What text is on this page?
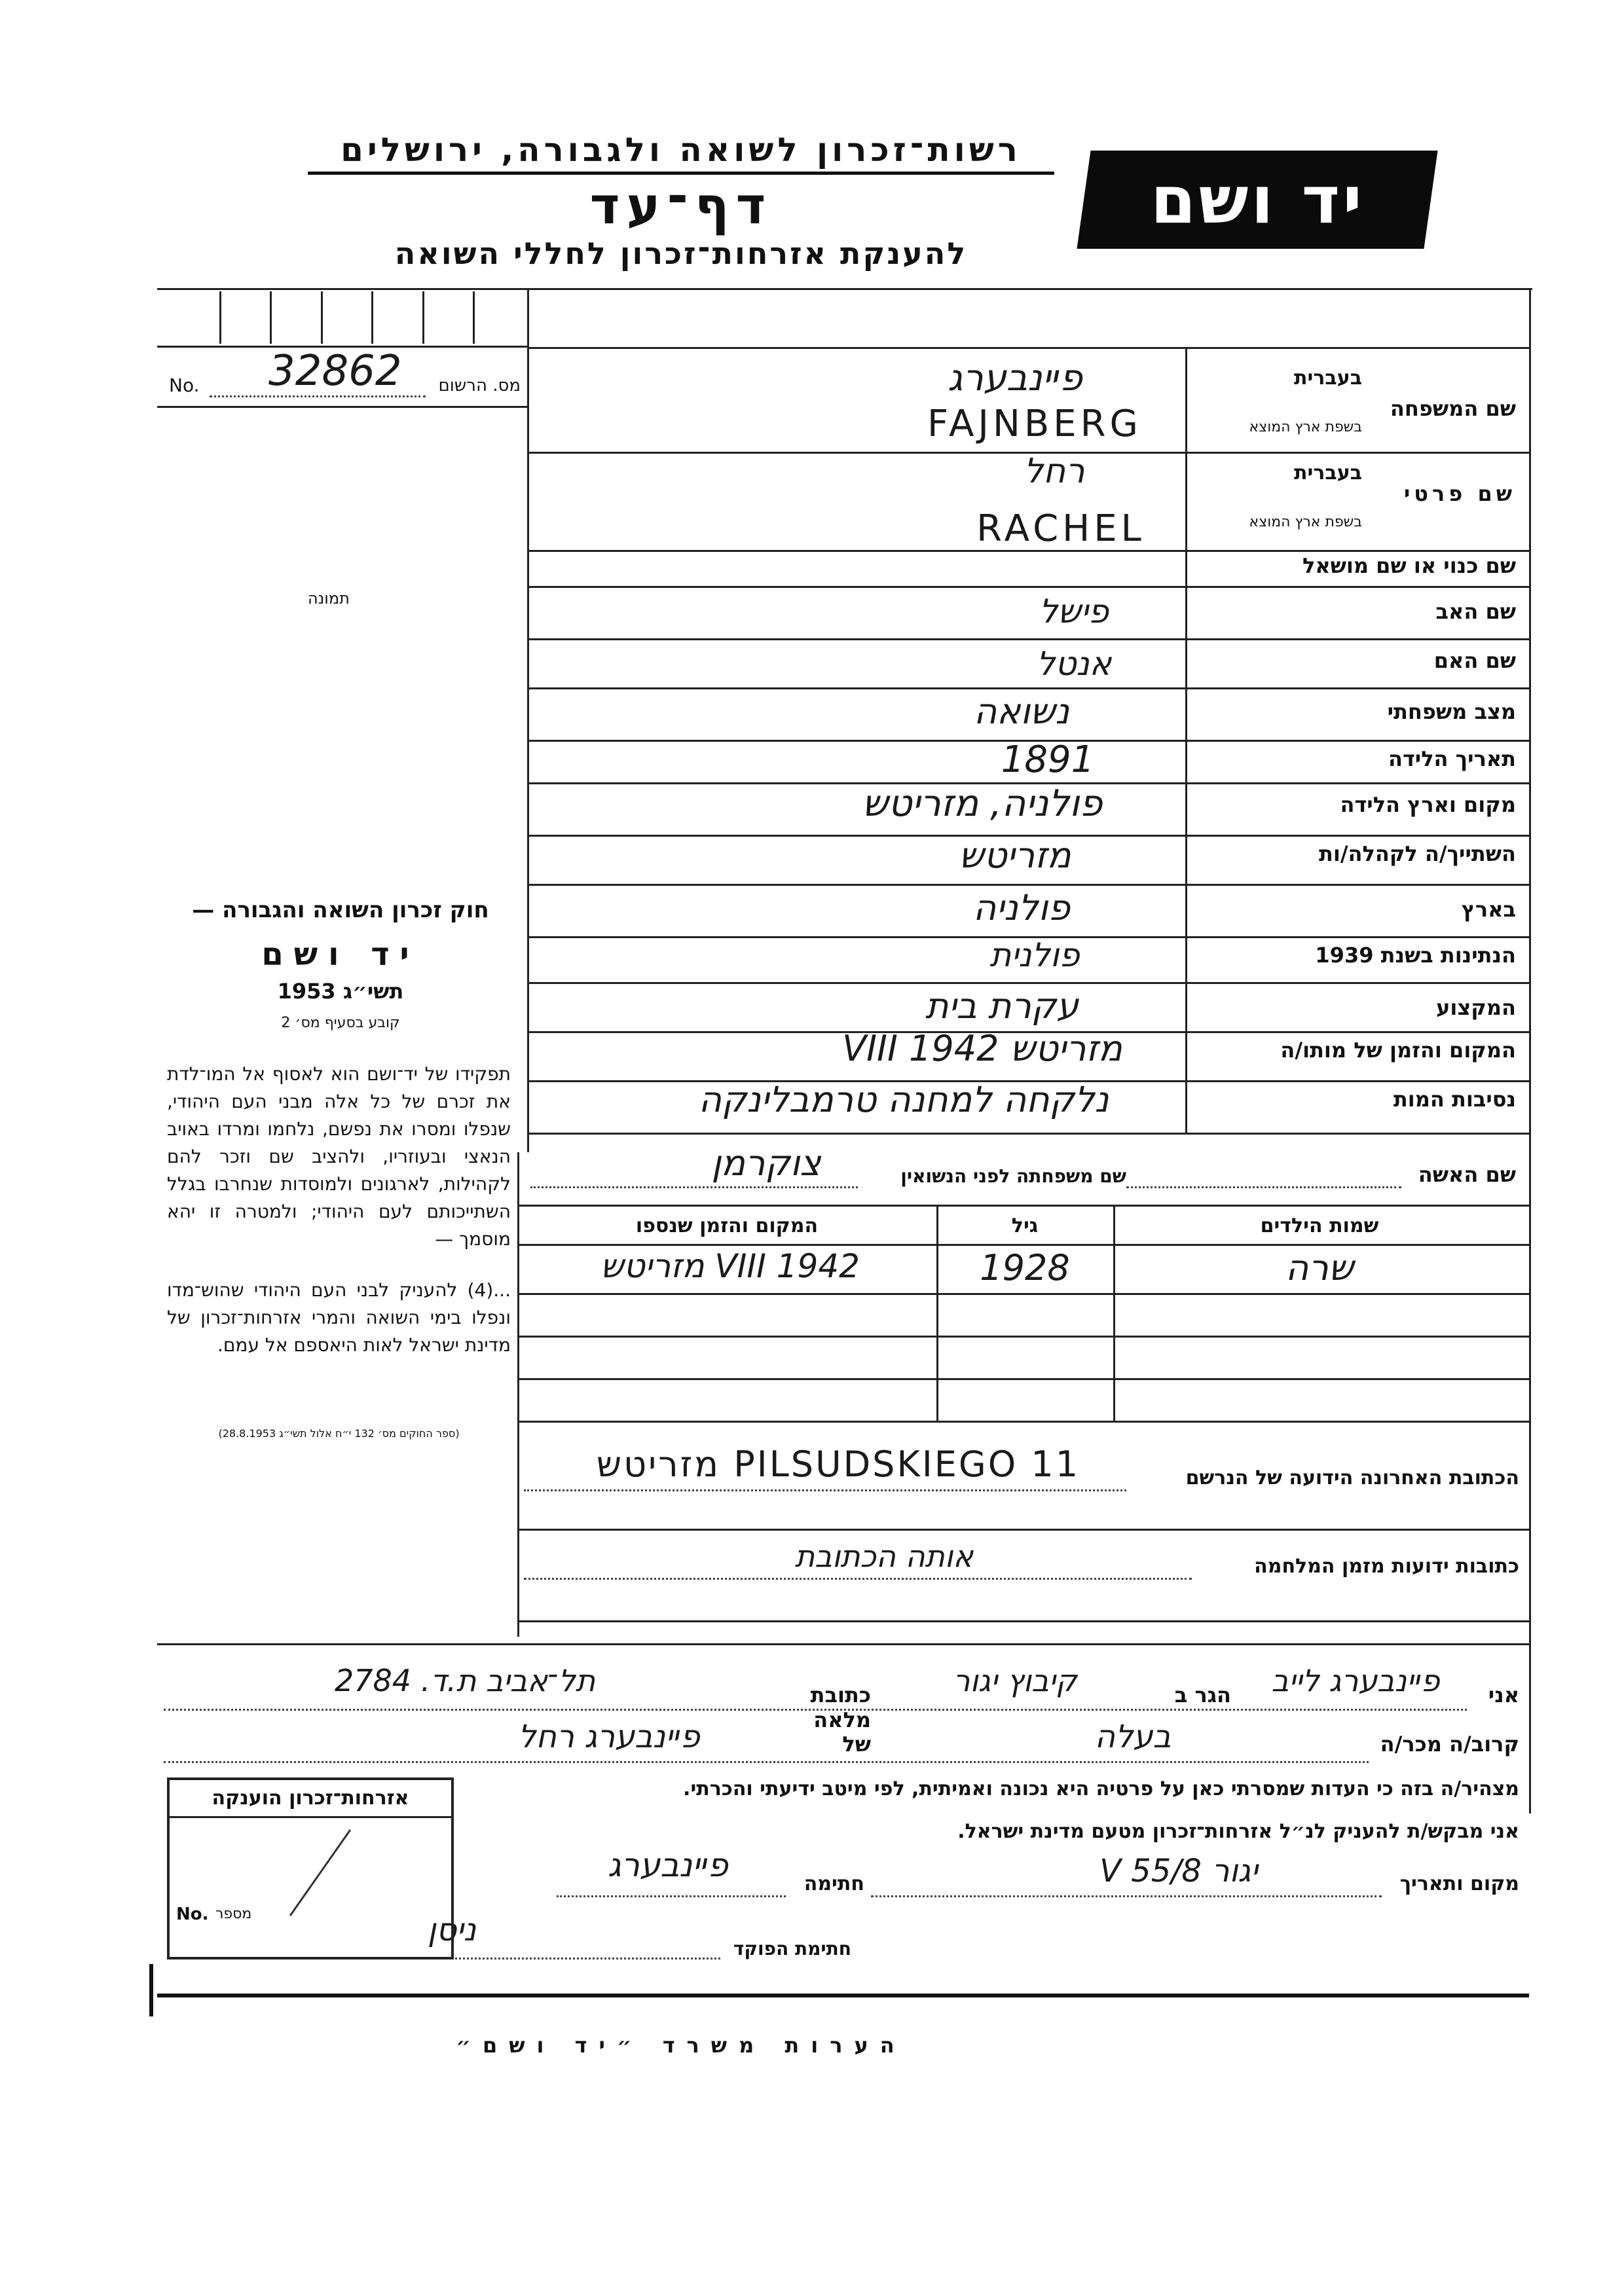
רשות־זכרון לשואה ולגבורה, ירושלים
דף־עד
להענקת אזרחות־זכרון לחללי השואה
יד ושם
No. 32862	מס. הרשום
תמונה
שם המשפחה
בעברית
בשפת ארץ המוצא
פײנבערג
FAJNBERG
שם פרטי
בעברית
בשפת ארץ המוצא
רחל
RACHEL
שם כנוי או שם מושאל
שם האב
פישל
שם האם
אנטל
מצב משפחתי
נשואה
תאריך הלידה
1891
מקום וארץ הלידה
פולניה, מזריטש
השתייך/ה לקהלה/ות
מזריטש
בארץ
פולניה
הנתינות בשנת 1939
פולנית
המקצוע
עקרת בית
המקום והזמן של מותו/ה
מזריטש VIII 1942
נסיבות המות
נלקחה למחנה טרמבלינקה
שם האשה
שם משפחתה לפני הנשואין
צוקרמן
שמות הילדים
גיל
המקום והזמן שנספו
שרה
1928
VIII 1942 מזריטש
הכתובת האחרונה הידועה של הנרשם
PILSUDSKIEGO 11 מזריטש
כתובות ידועות מזמן המלחמה
אותה הכתובת
חוק זכרון השואה והגבורה —
יד ושם
תשי״ג 1953
קובע בסעיף מס׳ 2
תפקידו של יד־ושם הוא לאסוף אל המו־לדת את זכרם של כל אלה מבני העם היהודי, שנפלו ומסרו את נפשם, נלחמו ומרדו באויב הנאצי ובעוזריו, ולהציב שם וזכר להם לקהילות, לארגונים ולמוסדות שנחרבו בגלל השתייכותם לעם היהודי; ולמטרה זו יהא מוסמך —
...(4) להעניק לבני העם היהודי שהוש־מדו ונפלו בימי השואה והמרי אזרחות־זכרון של מדינת ישראל לאות היאספם אל עמם.
(ספר החוקים מס׳ 132 י״ח אלול תשי״ג 28.8.1953)
אני
פײנבערג לייב
הגר ב
קיבוץ יגור
כתובת מלאה
תל־אביב ת.ד. 2784
קרוב/ה מכר/ה
בעלה
של
פײנבערג רחל
מצהיר/ה בזה כי העדות שמסרתי כאן על פרטיה היא נכונה ואמיתית, לפי מיטב ידיעתי והכרתי.
אני מבקש/ת להעניק לנ״ל אזרחות־זכרון מטעם מדינת ישראל.
מקום ותאריך
יגור 8/V 55
חתימה
פײנבערג
חתימת הפוקד
ניסן
אזרחות־זכרון הוענקה
No. מספר
הערות משרד ״יד ושם״
